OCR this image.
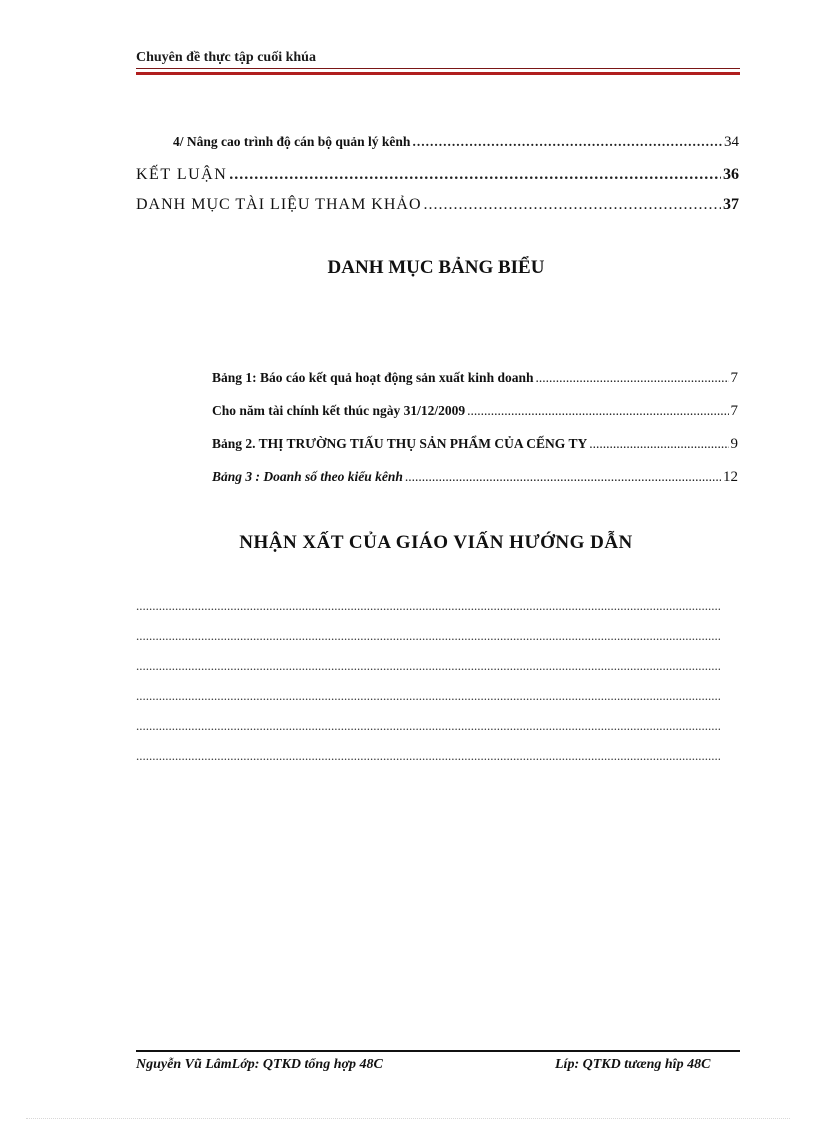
Chuyên đề thực tập cuối khúa
4/ Nâng cao trình độ cán bộ quản lý kênh .....	34
KẾT LUẬN .....	36
DANH MỤC TÀI LIỆU THAM KHẢO .....	37
DANH MỤC BẢNG BIỂU
Bảng 1: Báo cáo kết quả hoạt động sản xuất kinh doanh .....	7
Cho năm tài chính kết thúc ngày 31/12/2009 .....	7
Bảng 2. THỊ TRƯỜNG TIẤU THỤ SẢN PHẨM CỦA CẾNG TY .....	9
Bảng 3 : Doanh số theo kiểu kênh .....	12
NHẬN XẤT CỦA GIÁO VIẤN HƯỚNG DẪN
.....
.....
.....
.....
.....
.....
Nguyễn Vũ LâmLớp: QTKD tổng hợp 48C	Líp: QTKD tưæng hîp 48C
